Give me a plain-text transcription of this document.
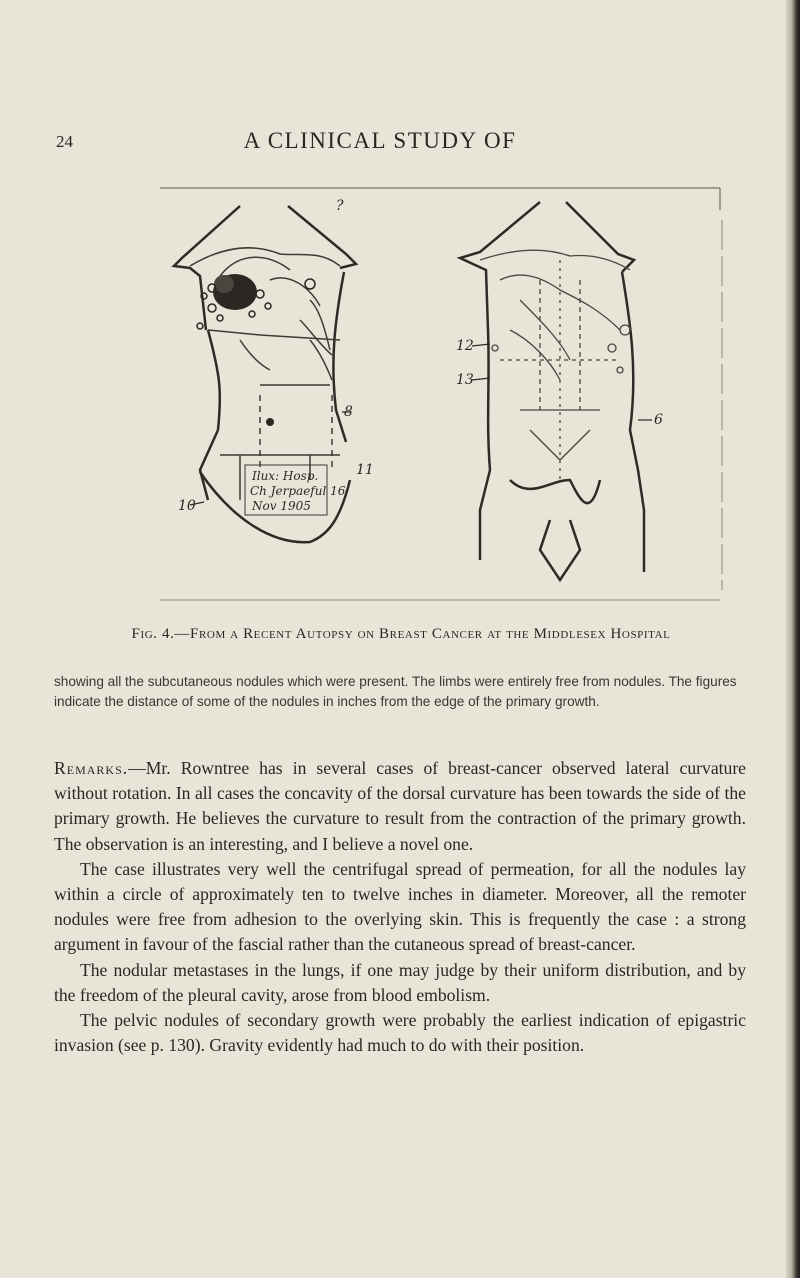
24	A CLINICAL STUDY OF
Ilux: Hosp.
Ch Jerpaeful 16
Nov 1905
?
8
11
10
12
13
6
Fig. 4.—From a Recent Autopsy on Breast Cancer at the Middlesex Hospital

showing all the subcutaneous nodules which were present. The limbs were entirely free from nodules. The figures indicate the distance of some of the nodules in inches from the edge of the primary growth.

Remarks.—Mr. Rowntree has in several cases of breast-cancer observed lateral curvature without rotation. In all cases the concavity of the dorsal curvature has been towards the side of the primary growth. He believes the curvature to result from the contraction of the primary growth. The observation is an interesting, and I believe a novel one.

The case illustrates very well the centrifugal spread of permeation, for all the nodules lay within a circle of approximately ten to twelve inches in diameter. Moreover, all the remoter nodules were free from adhesion to the overlying skin. This is frequently the case : a strong argument in favour of the fascial rather than the cutaneous spread of breast-cancer.

The nodular metastases in the lungs, if one may judge by their uniform distribution, and by the freedom of the pleural cavity, arose from blood embolism.

The pelvic nodules of secondary growth were probably the earliest indication of epigastric invasion (see p. 130). Gravity evidently had much to do with their position.
